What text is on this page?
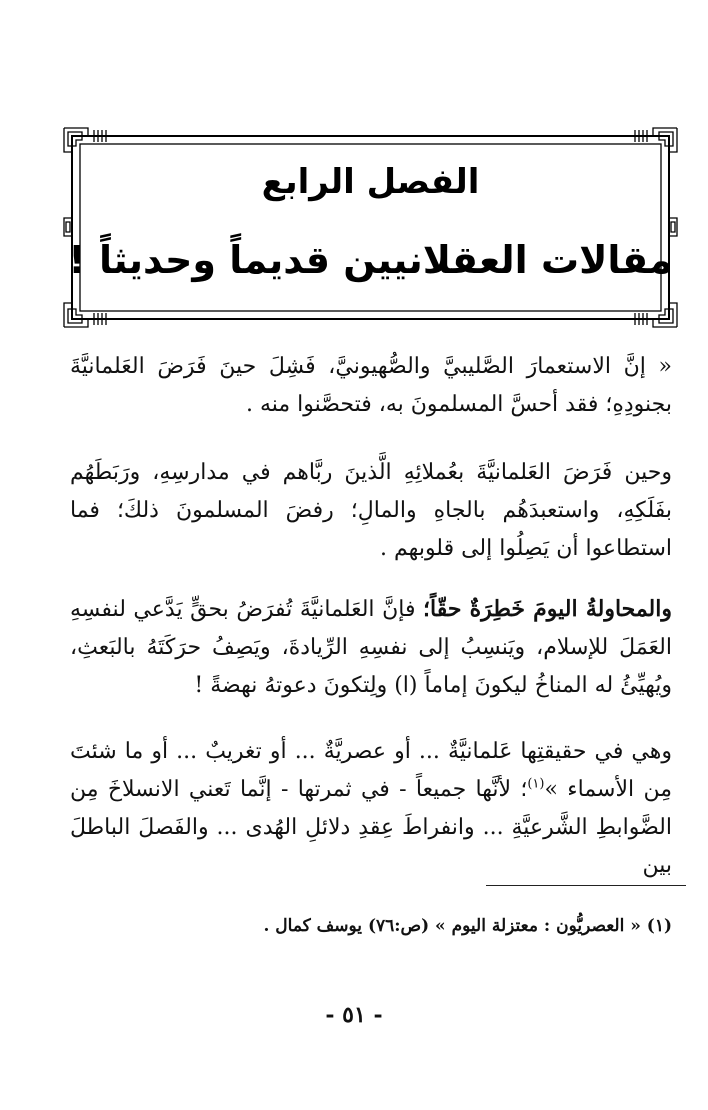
الفصل الرابع
مقالات العقلانيين قديماً وحديثاً !

« إنَّ الاستعمارَ الصَّليبيَّ والصُّهيونيَّ، فَشِلَ حينَ فَرَضَ العَلمانيَّةَ بجنودِهِ؛ فقد أحسَّ المسلمونَ به، فتحصَّنوا منه .

وحين فَرَضَ العَلمانيَّةَ بعُملائِهِ الَّذينَ ربَّاهم في مدارسِهِ، ورَبَطَهُم بفَلَكِهِ، واستعبدَهُم بالجاهِ والمالِ؛ رفضَ المسلمونَ ذلكَ؛ فما استطاعوا أن يَصِلُوا إلى قلوبهم .

والمحاولةُ اليومَ خَطِرَةٌ حقّاً؛ فإنَّ العَلمانيَّةَ تُفرَضُ بحقٍّ يَدَّعي لنفسِهِ العَمَلَ للإسلام، ويَنسِبُ إلى نفسِهِ الرِّيادةَ، ويَصِفُ حرَكَتَهُ بالبَعثِ، ويُهيِّئُ له المناخُ ليكونَ إماماً (ا) ولِتكونَ دعوتهُ نهضةً !

وهي في حقيقتِها عَلمانيَّةٌ ... أو عصريَّةٌ ... أو تغريبٌ ... أو ما شئتَ مِن الأسماء »$^{(١)}$؛ لأنَّها جميعاً - في ثمرتها - إنَّما تَعني الانسلاخَ مِن الضَّوابطِ الشَّرعيَّةِ ... وانفراطَ عِقدِ دلائلِ الهُدى ... والفَصلَ الباطلَ بين

(١) « العصريُّون : معتزلة اليوم » (ص:٧٦) يوسف كمال .
- ٥١ -
